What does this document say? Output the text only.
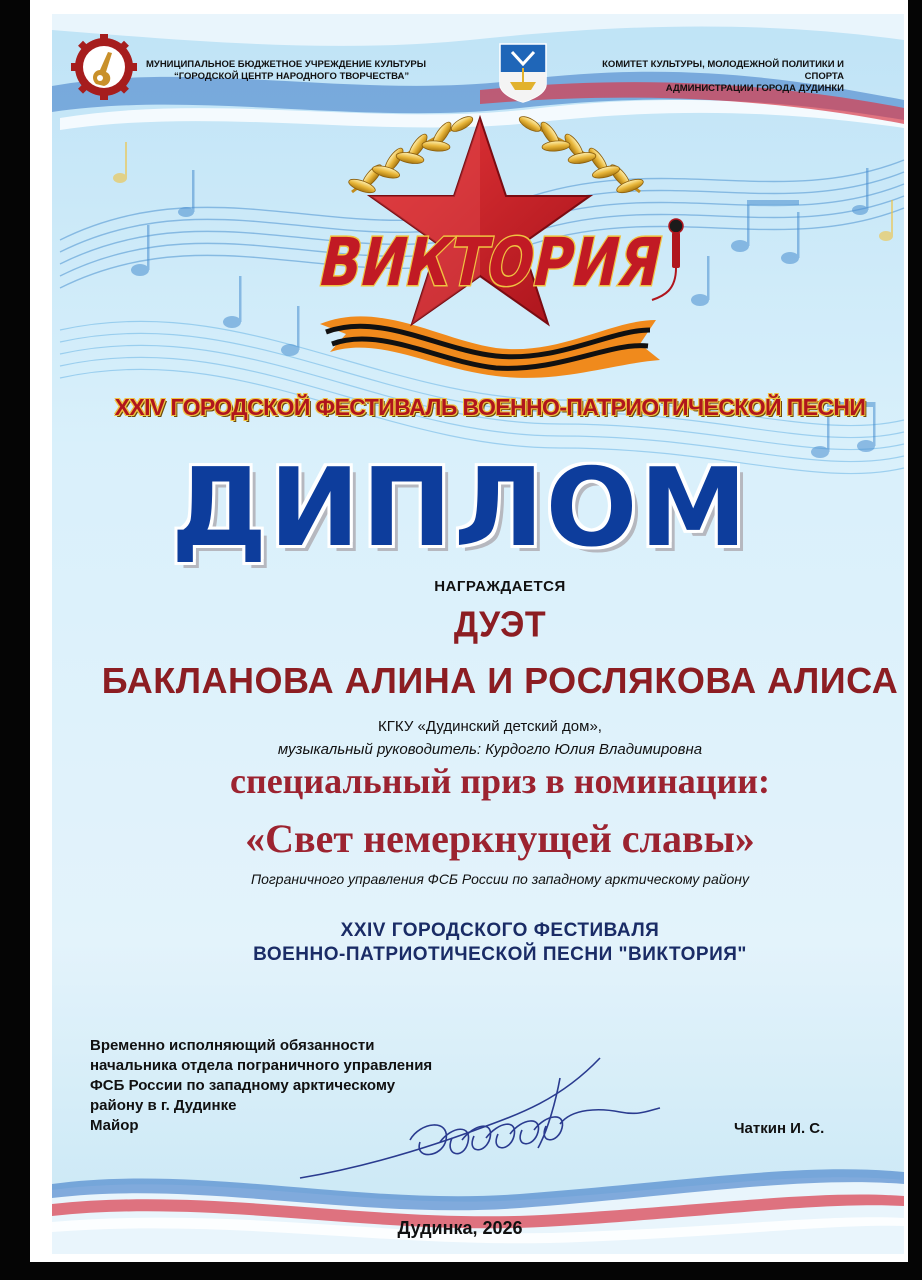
ВИКТОРИЯ
МУНИЦИПАЛЬНОЕ БЮДЖЕТНОЕ УЧРЕЖДЕНИЕ КУЛЬТУРЫ
“ГОРОДСКОЙ ЦЕНТР НАРОДНОГО ТВОРЧЕСТВА”
КОМИТЕТ КУЛЬТУРЫ, МОЛОДЕЖНОЙ ПОЛИТИКИ И СПОРТА
АДМИНИСТРАЦИИ ГОРОДА ДУДИНКИ
XXIV ГОРОДСКОЙ ФЕСТИВАЛЬ ВОЕННО-ПАТРИОТИЧЕСКОЙ ПЕСНИ
ДИПЛОМ
НАГРАЖДАЕТСЯ
ДУЭТ
БАКЛАНОВА АЛИНА И РОСЛЯКОВА АЛИСА
КГКУ «Дудинский детский дом»,
музыкальный руководитель: Курдогло Юлия Владимировна
специальный приз в номинации:
«Свет немеркнущей славы»
Пограничного управления ФСБ России по западному арктическому району
XXIV ГОРОДСКОГО ФЕСТИВАЛЯ
ВОЕННО-ПАТРИОТИЧЕСКОЙ ПЕСНИ "ВИКТОРИЯ"
Временно исполняющий обязанности
начальника отдела пограничного управления
ФСБ России по западному арктическому
району в г. Дудинке
Майор	Чаткин И. С.
Дудинка, 2026
